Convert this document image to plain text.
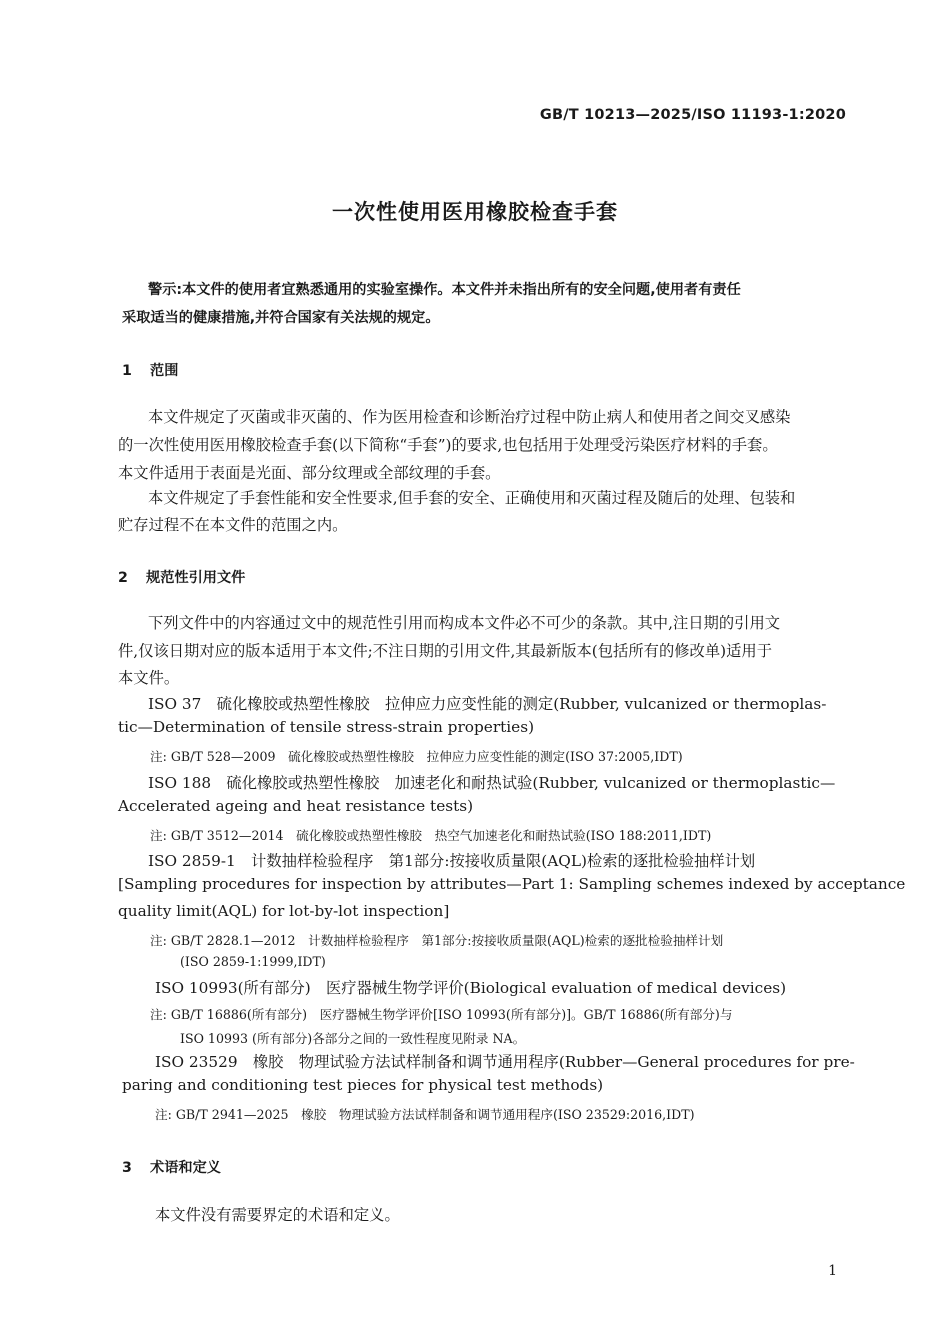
GB/T 10213—2025/ISO 11193-1:2020
一次性使用医用橡胶检查手套
警示:本文件的使用者宜熟悉通用的实验室操作。本文件并未指出所有的安全问题,使用者有责任
采取适当的健康措施,并符合国家有关法规的规定。
1 范围
本文件规定了灭菌或非灭菌的、作为医用检查和诊断治疗过程中防止病人和使用者之间交叉感染
的一次性使用医用橡胶检查手套(以下简称“手套”)的要求,也包括用于处理受污染医疗材料的手套。
本文件适用于表面是光面、部分纹理或全部纹理的手套。
本文件规定了手套性能和安全性要求,但手套的安全、正确使用和灭菌过程及随后的处理、包装和
贮存过程不在本文件的范围之内。
2 规范性引用文件
下列文件中的内容通过文中的规范性引用而构成本文件必不可少的条款。其中,注日期的引用文
件,仅该日期对应的版本适用于本文件;不注日期的引用文件,其最新版本(包括所有的修改单)适用于
本文件。
ISO 37　硫化橡胶或热塑性橡胶　拉伸应力应变性能的测定(Rubber, vulcanized or thermoplas-
tic—Determination of tensile stress-strain properties)
注: GB/T 528—2009　硫化橡胶或热塑性橡胶　拉伸应力应变性能的测定(ISO 37:2005,IDT)
ISO 188　硫化橡胶或热塑性橡胶　加速老化和耐热试验(Rubber, vulcanized or thermoplastic—
Accelerated ageing and heat resistance tests)
注: GB/T 3512—2014　硫化橡胶或热塑性橡胶　热空气加速老化和耐热试验(ISO 188:2011,IDT)
ISO 2859-1　计数抽样检验程序　第1部分:按接收质量限(AQL)检索的逐批检验抽样计划
[Sampling procedures for inspection by attributes—Part 1: Sampling schemes indexed by acceptance
quality limit(AQL) for lot-by-lot inspection]
注: GB/T 2828.1—2012　计数抽样检验程序　第1部分:按接收质量限(AQL)检索的逐批检验抽样计划
(ISO 2859-1:1999,IDT)
ISO 10993(所有部分)　医疗器械生物学评价(Biological evaluation of medical devices)
注: GB/T 16886(所有部分)　医疗器械生物学评价[ISO 10993(所有部分)]。GB/T 16886(所有部分)与
ISO 10993 (所有部分)各部分之间的一致性程度见附录 NA。
ISO 23529　橡胶　物理试验方法试样制备和调节通用程序(Rubber—General procedures for pre-
paring and conditioning test pieces for physical test methods)
注: GB/T 2941—2025　橡胶　物理试验方法试样制备和调节通用程序(ISO 23529:2016,IDT)
3 术语和定义
本文件没有需要界定的术语和定义。
1
